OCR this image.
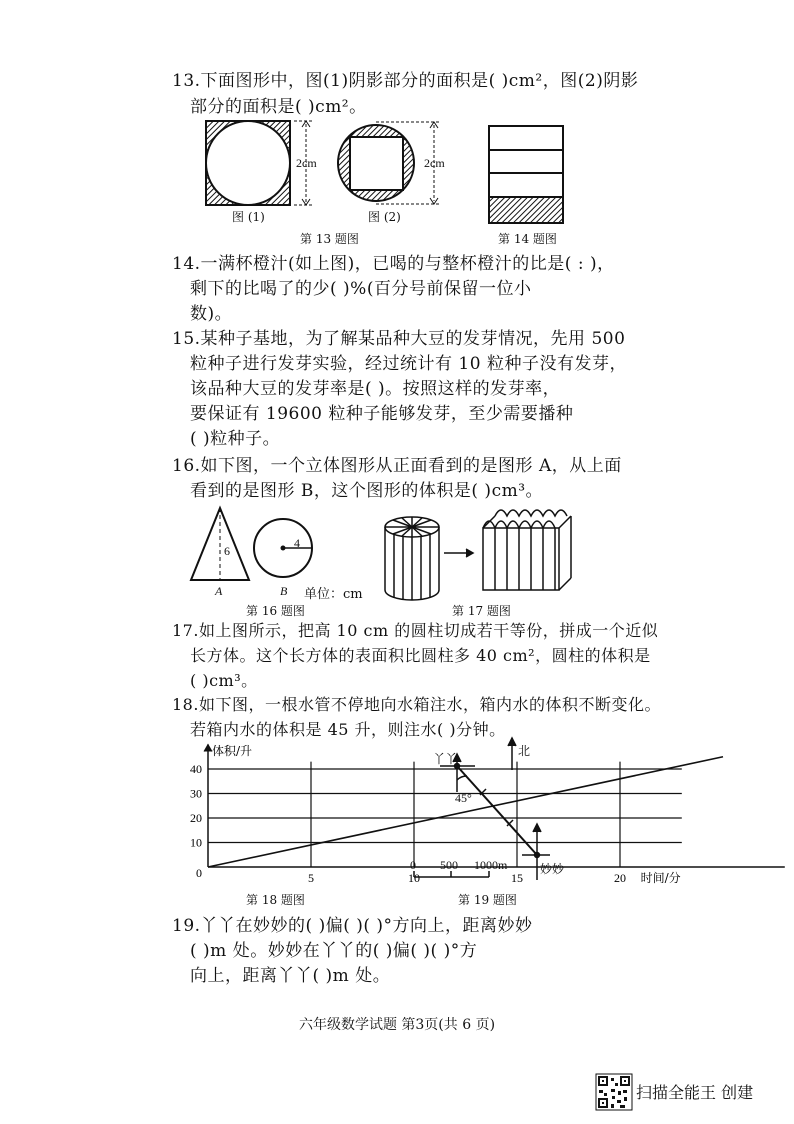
5	10	15	20
10
20
30
40
0
体积/升
时间/分
13.下面图形中，图(1)阴影部分的面积是( )cm²，图(2)阴影
部分的面积是( )cm²。
2cm	2cm
图 (1)	图 (2)
第 13 题图	第 14 题图
14.一满杯橙汁(如上图)，已喝的与整杯橙汁的比是( : )，
剩下的比喝了的少( )%(百分号前保留一位小
数)。
15.某种子基地，为了解某品种大豆的发芽情况，先用 500
粒种子进行发芽实验，经过统计有 10 粒种子没有发芽，
该品种大豆的发芽率是( )。按照这样的发芽率，
要保证有 19600 粒种子能够发芽，至少需要播种
( )粒种子。
16.如下图，一个立体图形从正面看到的是图形 A，从上面
看到的是图形 B，这个图形的体积是( )cm³。
6
4
A	B 单位：cm
第 16 题图	第 17 题图
17.如上图所示，把高 10 cm 的圆柱切成若干等份，拼成一个近似
长方体。这个长方体的表面积比圆柱多 40 cm²，圆柱的体积是
( )cm³。
18.如下图，一根水管不停地向水箱注水，箱内水的体积不断变化。
若箱内水的体积是 45 升，则注水( )分钟。
第 18 题图
北
丫丫
45°
妙妙
0 500 1000m
第 19 题图
19.丫丫在妙妙的( )偏( )( )°方向上，距离妙妙
( )m 处。妙妙在丫丫的( )偏( )( )°方
向上，距离丫丫( )m 处。
六年级数学试题 第3页(共 6 页)
扫描全能王 创建
